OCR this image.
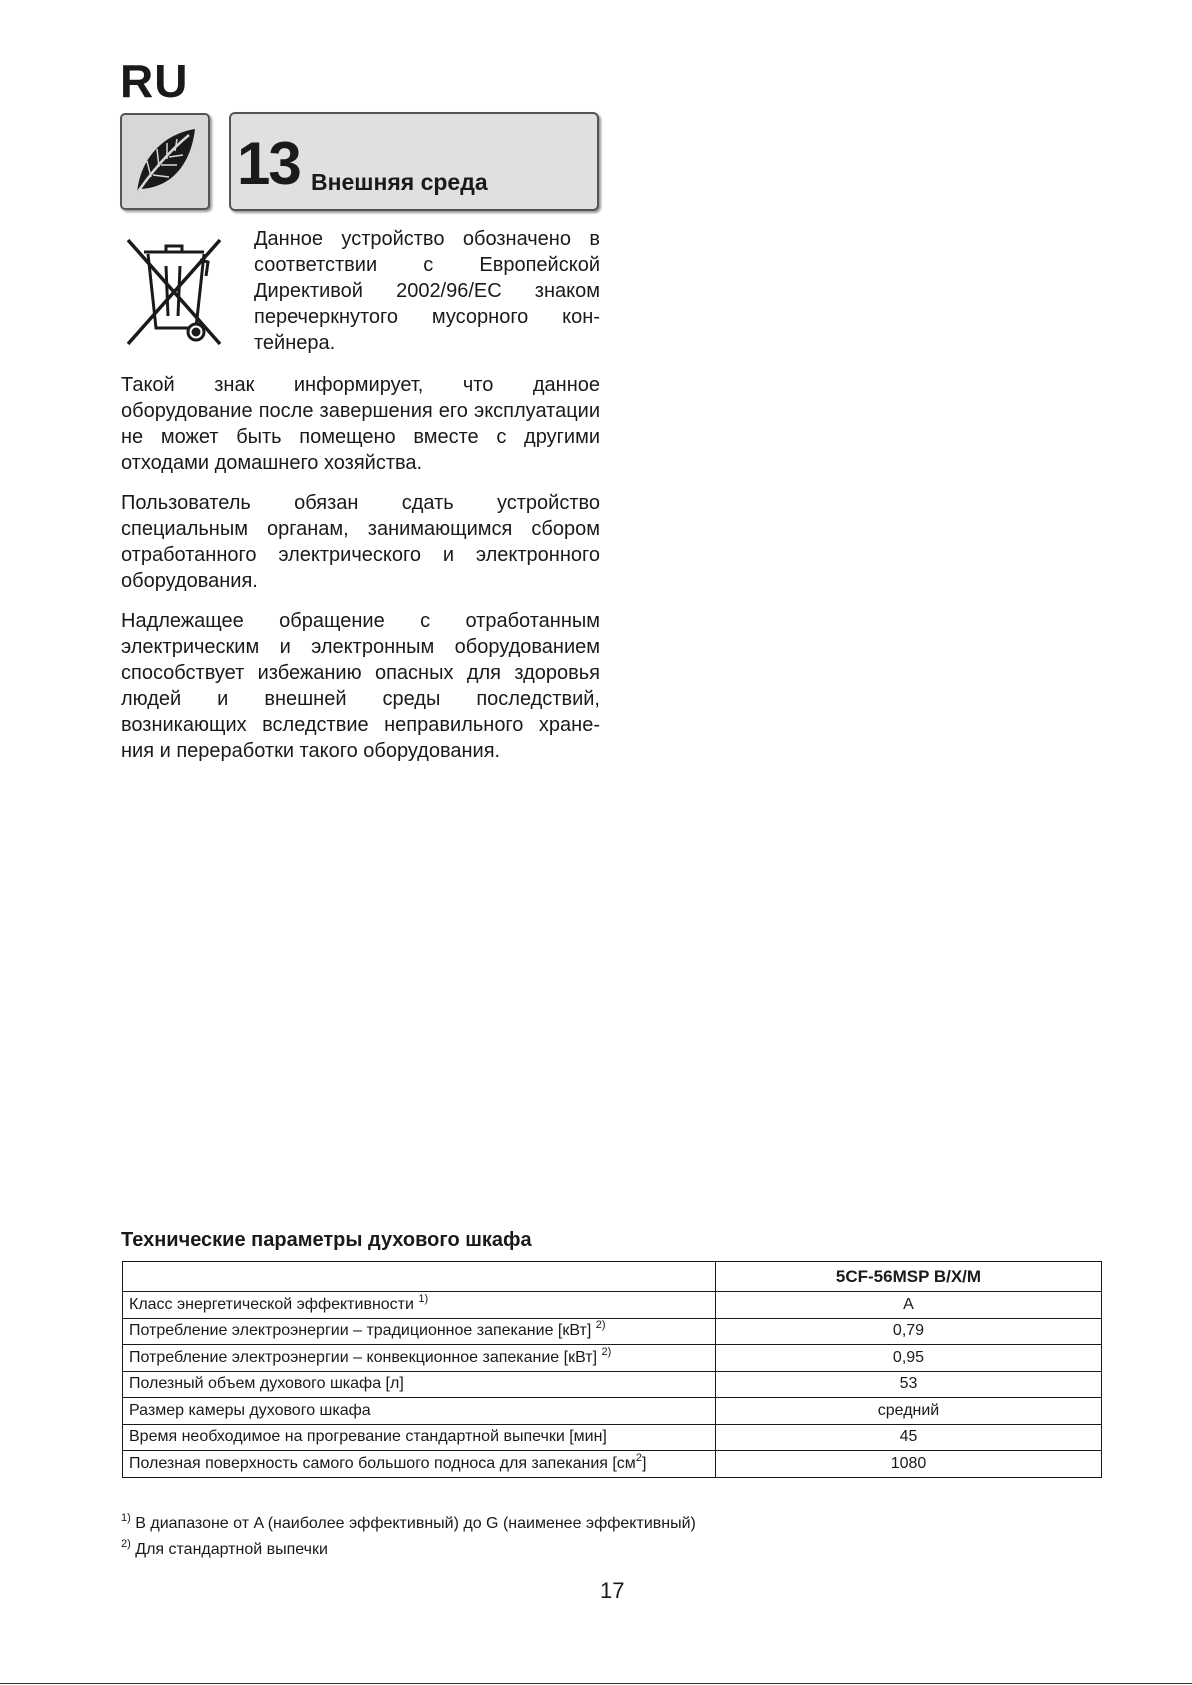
RU
13 Внешняя среда

Данное устройство обозначено в соответствии с Европейской Директивой 2002/96/EC знаком перечеркнутого мусорного кон-тейнера.

Такой знак информирует, что данное оборудование после завершения его эксплуатации не может быть помещено вместе с другими отходами домашнего хозяйства.

Пользователь обязан сдать устройство специальным органам, занимающимся сбором отработанного электрического и электронного оборудования.

Надлежащее обращение с отработанным электрическим и электронным оборудованием способствует избежанию опасных для здоровья людей и внешней среды последствий, возникающих вследствие неправильного хране-ния и переработки такого оборудования.

Технические параметры духового шкафа
	5CF-56MSP B/X/M
Класс энергетической эффективности $^{1)}$	A
Потребление электроэнергии – традиционное запекание [кВт] $^{2)}$	0,79
Потребление электроэнергии – конвекционное запекание [кВт] $^{2)}$	0,95
Полезный объем духового шкафа [л]	53
Размер камеры духового шкафа	средний
Время необходимое на прогревание стандартной выпечки [мин]	45
Полезная поверхность самого большого подноса для запекания $[см^2]$	1080

$^{1)}$ В диапазоне от A (наиболее эффективный) до G (наименее эффективный)

$^{2)}$ Для стандартной выпечки

17
